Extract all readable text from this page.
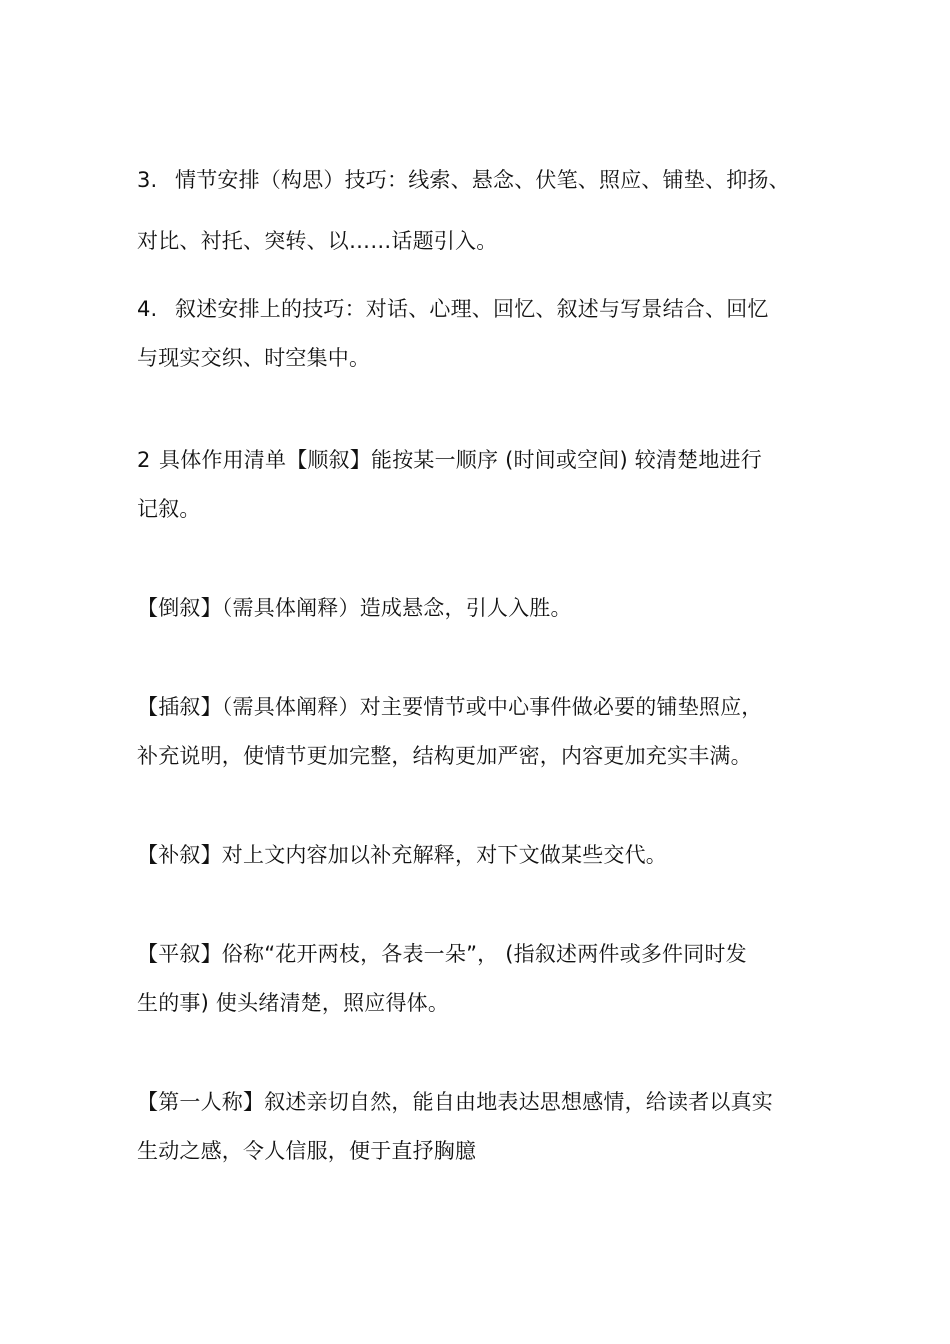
3. 情节安排（构思）技巧：线索、悬念、伏笔、照应、铺垫、抑扬、
对比、衬托、突转、以……话题引入。
4. 叙述安排上的技巧：对话、心理、回忆、叙述与写景结合、回忆
与现实交织、时空集中。
2 具体作用清单【顺叙】能按某一顺序 (时间或空间) 较清楚地进行
记叙。
【倒叙】（需具体阐释）造成悬念，引人入胜。
【插叙】（需具体阐释）对主要情节或中心事件做必要的铺垫照应，
补充说明，使情节更加完整，结构更加严密，内容更加充实丰满。
【补叙】对上文内容加以补充解释，对下文做某些交代。
【平叙】俗称“花开两枝，各表一朵”， (指叙述两件或多件同时发
生的事) 使头绪清楚，照应得体。
【第一人称】叙述亲切自然，能自由地表达思想感情，给读者以真实
生动之感，令人信服，便于直抒胸臆
